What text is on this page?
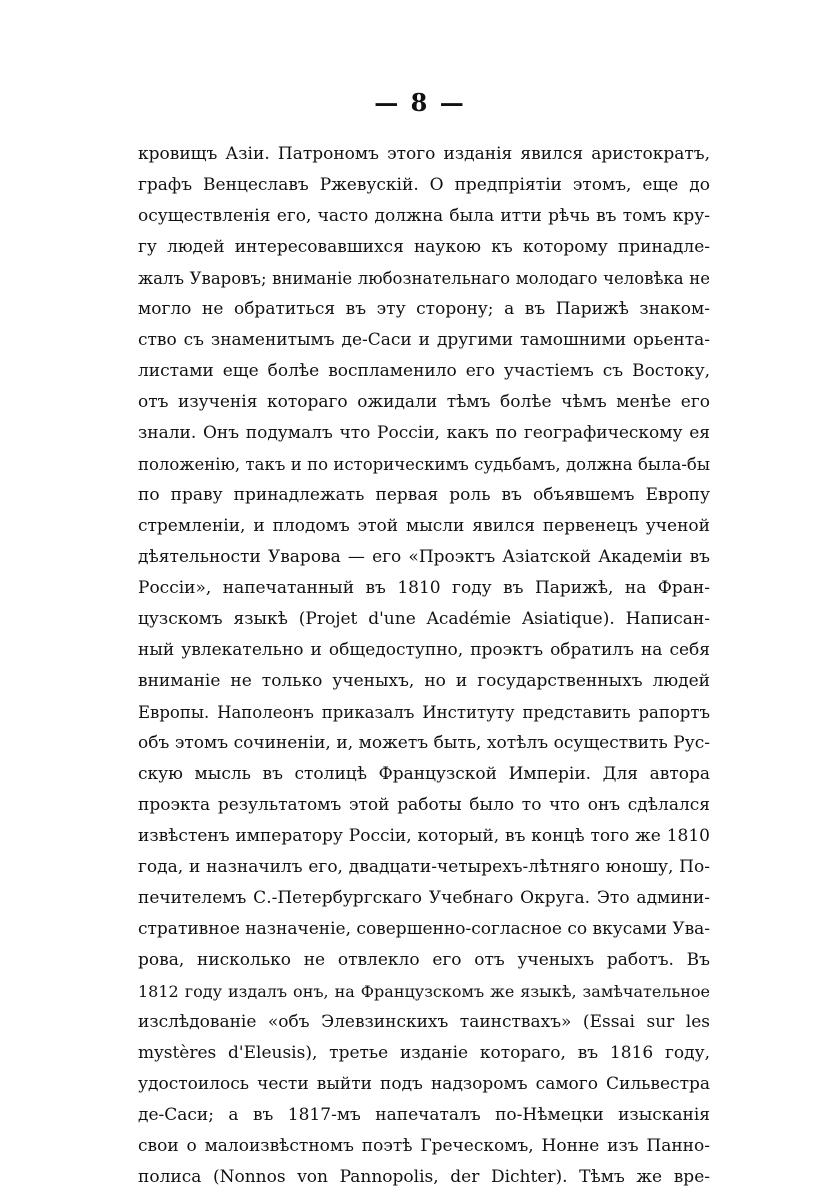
— 8 —
кровищъ Азіи. Патрономъ этого изданія явился аристократъ,
графъ Венцеславъ Ржевускій. О предпріятіи этомъ, еще до
осуществленія его, часто должна была итти рѣчь въ томъ кру-
гу людей интересовавшихся наукою къ которому принадле-
жалъ Уваровъ; вниманіе любознательнаго молодаго человѣка не
могло не обратиться въ эту сторону; а въ Парижѣ знаком-
ство съ знаменитымъ де-Саси и другими тамошними орьента-
листами еще болѣе воспламенило его участіемъ съ Востоку,
отъ изученія котораго ожидали тѣмъ болѣе чѣмъ менѣе его
знали. Онъ подумалъ что Россіи, какъ по географическому ея
положенію, такъ и по историческимъ судьбамъ, должна была-бы
по праву принадлежать первая роль въ объявшемъ Европу
стремленіи, и плодомъ этой мысли явился первенецъ ученой
дѣятельности Уварова — его «Проэктъ Азіатской Академіи въ
Россіи», напечатанный въ 1810 году въ Парижѣ, на Фран-
цузскомъ языкѣ (Projet d'une Académie Asiatique). Написан-
ный увлекательно и общедоступно, проэктъ обратилъ на себя
вниманіе не только ученыхъ, но и государственныхъ людей
Европы. Наполеонъ приказалъ Институту представить рапортъ
объ этомъ сочиненіи, и, можетъ быть, хотѣлъ осуществить Рус-
скую мысль въ столицѣ Французской Имперіи. Для автора
проэкта результатомъ этой работы было то что онъ сдѣлался
извѣстенъ императору Россіи, который, въ концѣ того же 1810
года, и назначилъ его, двадцати-четырехъ-лѣтняго юношу, По-
печителемъ С.-Петербургскаго Учебнаго Округа. Это админи-
стративное назначеніе, совершенно-согласное со вкусами Ува-
рова, нисколько не отвлекло его отъ ученыхъ работъ. Въ
1812 году издалъ онъ, на Французскомъ же языкѣ, замѣчательное
изслѣдованіе «объ Элевзинскихъ таинствахъ» (Essai sur les
mystères d'Eleusis), третье изданіе котораго, въ 1816 году,
удостоилось чести выйти подъ надзоромъ самого Сильвестра
де-Саси; а въ 1817-мъ напечаталъ по-Нѣмецки изысканія
свои о малоизвѣстномъ поэтѣ Греческомъ, Нонне изъ Панно-
полиса (Nonnos von Pannopolis, der Dichter). Тѣмъ же вре-
